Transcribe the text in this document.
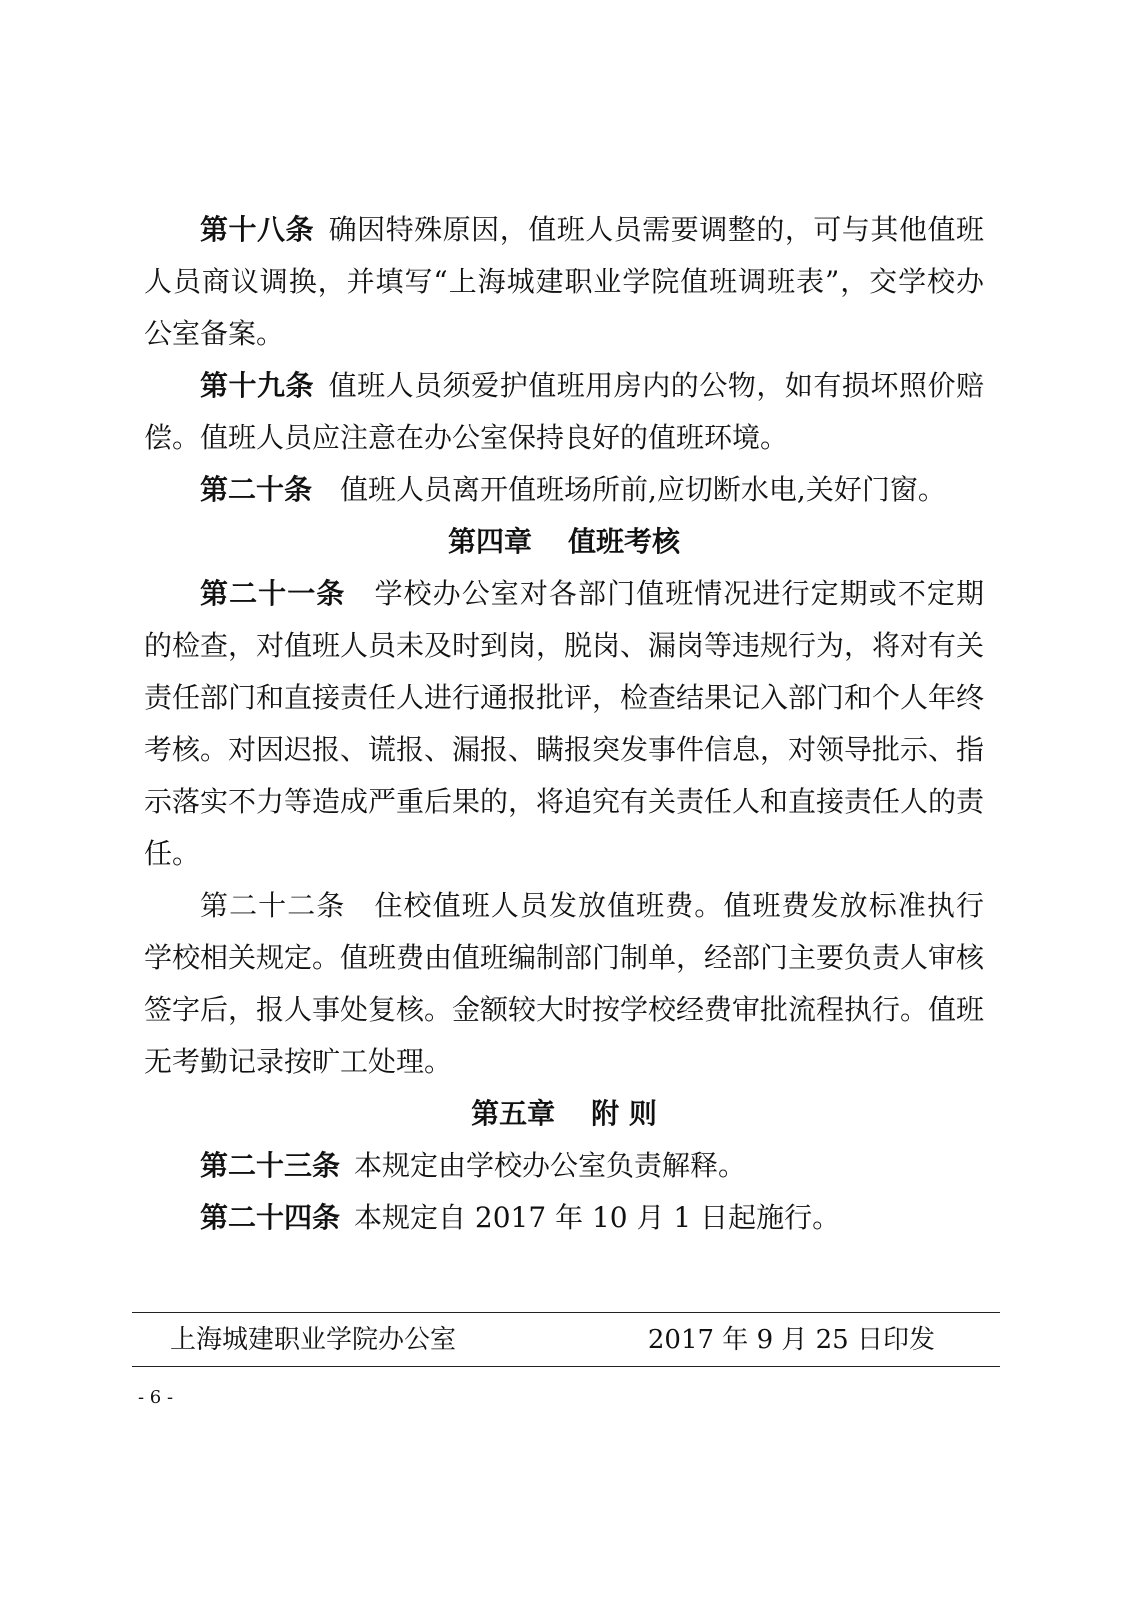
第十八条 确因特殊原因，值班人员需要调整的，可与其他值班人员商议调换，并填写“上海城建职业学院值班调班表”，交学校办公室备案。

第十九条 值班人员须爱护值班用房内的公物，如有损坏照价赔偿。值班人员应注意在办公室保持良好的值班环境。

第二十条 值班人员离开值班场所前,应切断水电,关好门窗。

第四章 值班考核

第二十一条 学校办公室对各部门值班情况进行定期或不定期的检查，对值班人员未及时到岗，脱岗、漏岗等违规行为，将对有关责任部门和直接责任人进行通报批评，检查结果记入部门和个人年终考核。对因迟报、谎报、漏报、瞒报突发事件信息，对领导批示、指示落实不力等造成严重后果的，将追究有关责任人和直接责任人的责任。

第二十二条 住校值班人员发放值班费。值班费发放标准执行学校相关规定。值班费由值班编制部门制单，经部门主要负责人审核签字后，报人事处复核。金额较大时按学校经费审批流程执行。值班无考勤记录按旷工处理。

第五章 附 则

第二十三条 本规定由学校办公室负责解释。

第二十四条 本规定自 2017 年 10 月 1 日起施行。

上海城建职业学院办公室	2017 年 9 月 25 日印发
- 6 -
